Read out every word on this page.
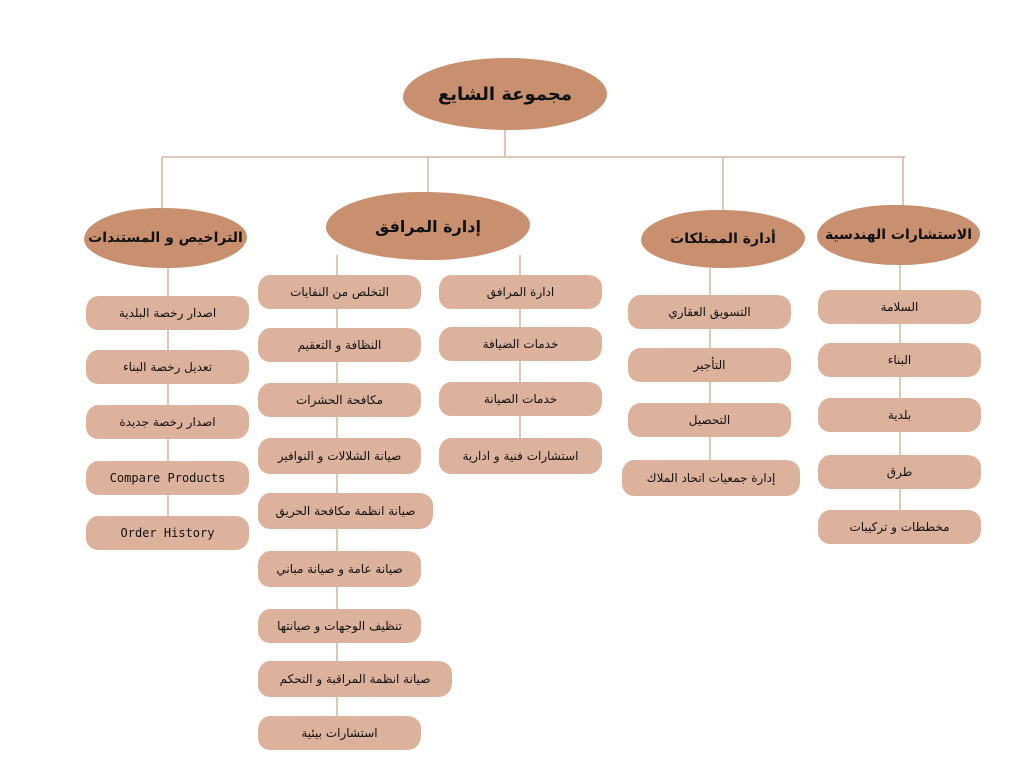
مجموعة الشايع
الاستشارات الهندسية
أدارة الممتلكات
إدارة المرافق
التراخيص و المستندات
السلامة
البناء
بلدية
طرق
مخططات و تركيبات
التسويق العقاري
التأجير
التحصيل
إدارة جمعيات اتحاد الملاك
ادارة المرافق
خدمات الضيافة
خدمات الصيانة
استشارات فنية و ادارية
التخلص من النفايات
النظافة و التعقيم
مكافحة الحشرات
صيانة الشلالات و النوافير
صيانة انظمة مكافحة الحريق
صيانة عامة و صيانة مباني
تنظيف الوجهات و صيانتها
صيانة انظمة المراقبة و التحكم
استشارات بيئية
اصدار رخصة البلدية
تعديل رخصة البناء
اصدار رخصة جديدة
Compare Products
Order History
